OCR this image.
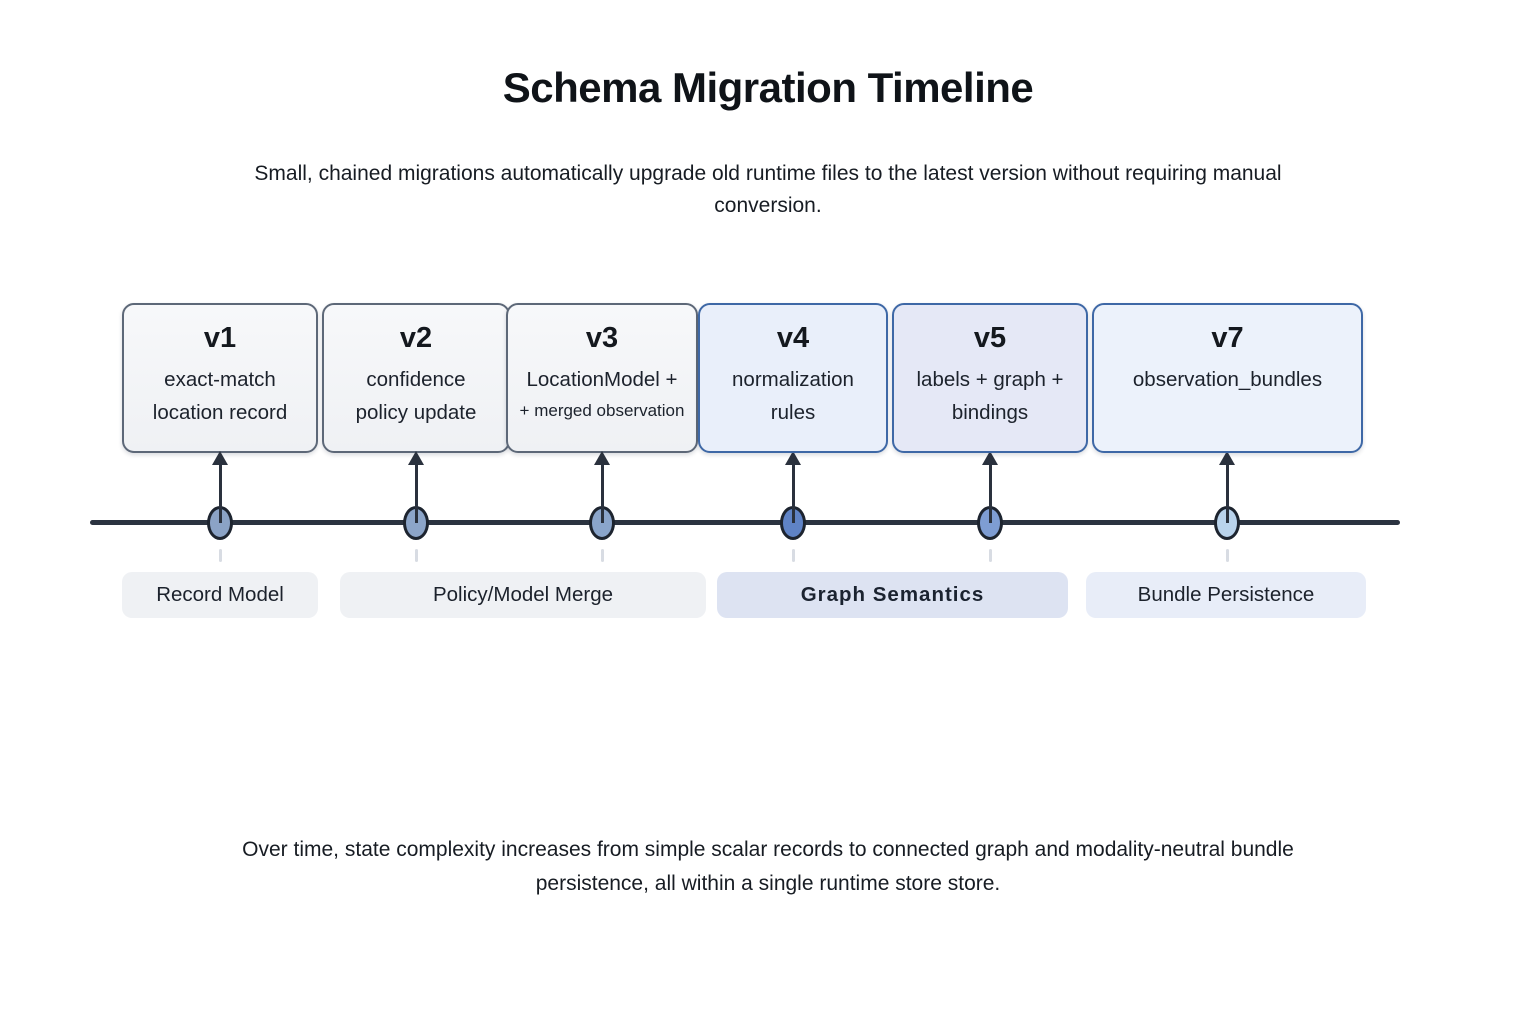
Schema Migration Timeline

Small, chained migrations automatically upgrade old runtime files to the latest version without requiring manual conversion.

v1
exact-match
location record
v2
confidence
policy update
v3
LocationModel +
+ merged observation
v4
normalization
rules
v5
labels + graph +
bindings
v7
observation_bundles
Record Model	Policy/Model Merge	Graph Semantics	Bundle Persistence

Over time, state complexity increases from simple scalar records to connected graph and modality-neutral bundle persistence, all within a single runtime store store.
